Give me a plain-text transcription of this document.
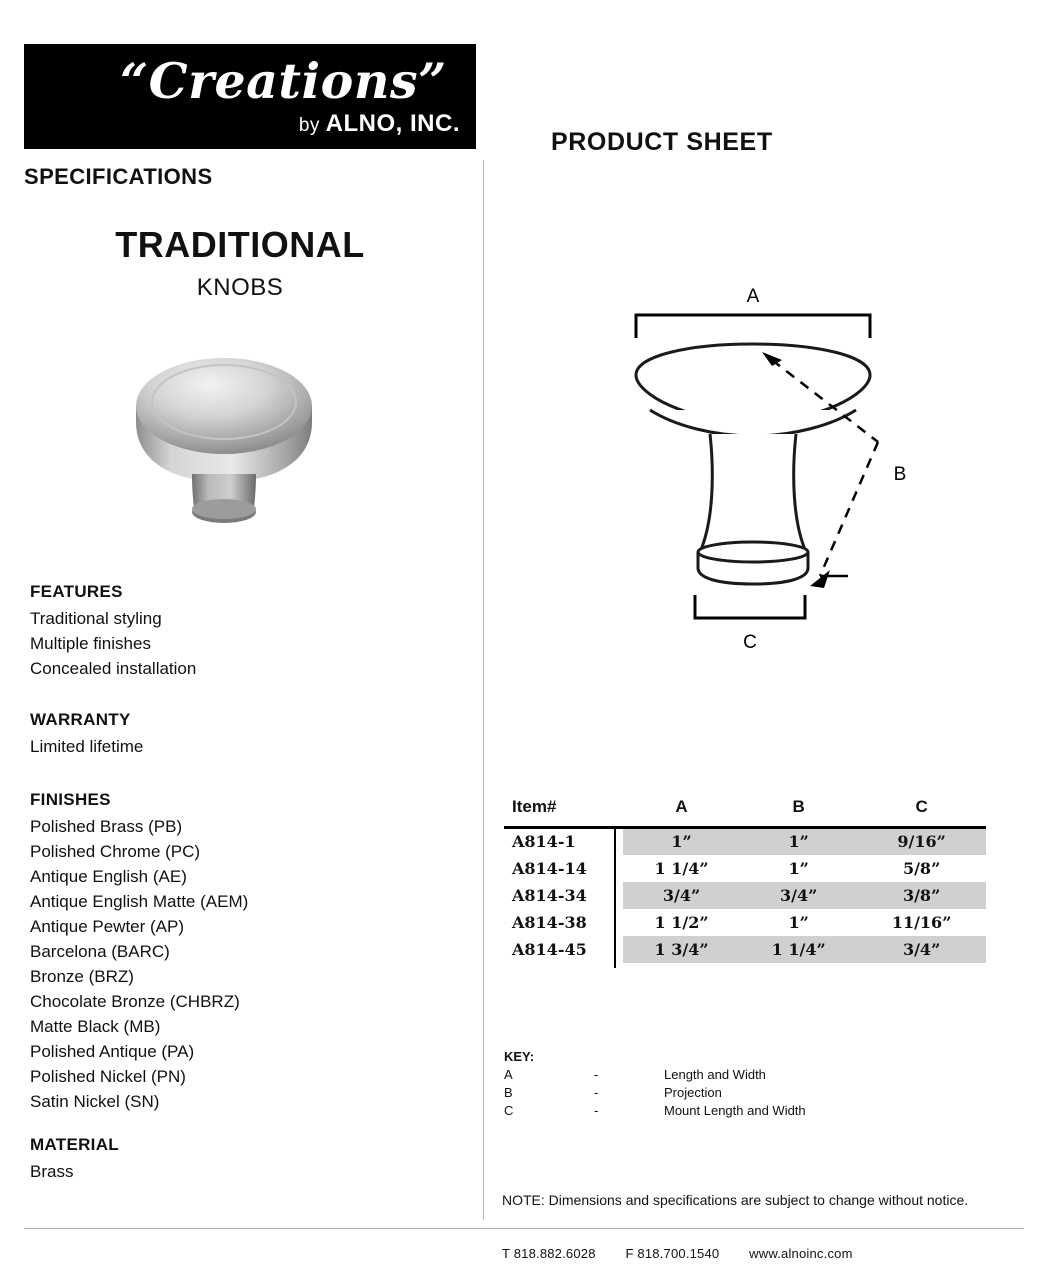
“Creations” ®
by ALNO, INC.
PRODUCT SHEET
SPECIFICATIONS
TRADITIONAL
KNOBS
FEATURES
Traditional styling
Multiple finishes
Concealed installation
WARRANTY

Limited lifetime

FINISHES
Polished Brass (PB)
Polished Chrome (PC)
Antique English (AE)
Antique English Matte (AEM)
Antique Pewter (AP)
Barcelona (BARC)
Bronze (BRZ)
Chocolate Bronze (CHBRZ)
Matte Black (MB)
Polished Antique (PA)
Polished Nickel (PN)
Satin Nickel (SN)
MATERIAL

Brass

A
B
C
Item#	A	B	C

A814-1	1”	1”	9/16”
A814-14	1 1/4”	1”	5/8”
A814-34	3/4”	3/4”	3/8”
A814-38	1 1/2”	1”	11/16”
A814-45	1 3/4”	1 1/4”	3/4”
KEY:
A	-	Length and Width
B	-	Projection
C	-	Mount Length and Width
NOTE: Dimensions and specifications are subject to change without notice.
T 818.882.6028 F 818.700.1540 www.alnoinc.com
